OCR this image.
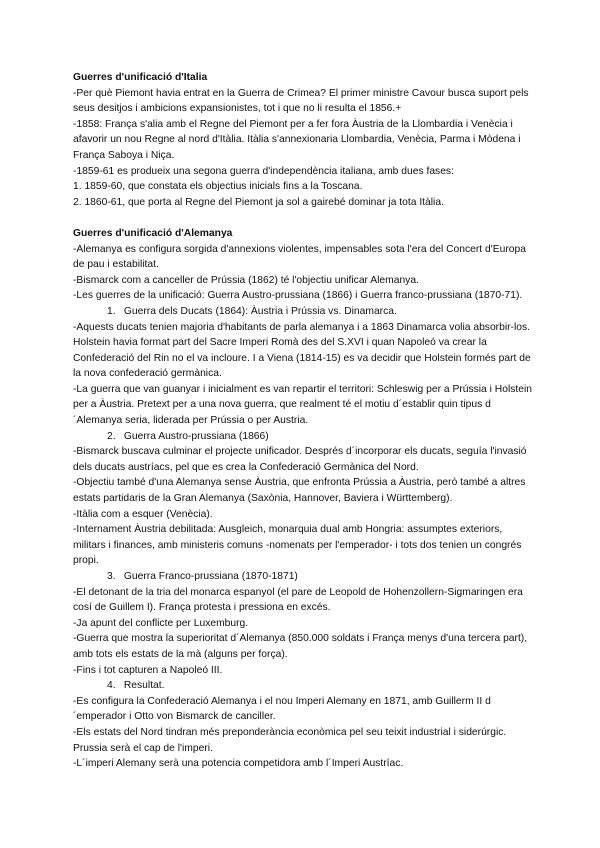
Guerres d'unificació d'Italia

-Per què Piemont havia entrat en la Guerra de Crimea? El primer ministre Cavour busca suport pels seus desitjos i ambicions expansionistes, tot i que no li resulta el 1856.+

-1858: França s'alia amb el Regne del Piemont per a fer fora Àustria de la Llombardia i Venècia i afavorir un nou Regne al nord d'Itàlia. Itàlia s'annexionaria Llombardia, Venècia, Parma i Mòdena i França Saboya i Niça.

-1859-61 es produeix una segona guerra d'independència italiana, amb dues fases:

1. 1859-60, que constata els objectius inicials fins a la Toscana.

2. 1860-61, que porta al Regne del Piemont ja sol a gairebé dominar ja tota Itàlia.

Guerres d'unificació d'Alemanya

-Alemanya es configura sorgida d'annexions violentes, impensables sota l'era del Concert d'Europa de pau i estabilitat.

-Bismarck com a canceller de Prússia (1862) té l'objectiu unificar Alemanya.

-Les guerres de la unificació: Guerra Austro-prussiana (1866) i Guerra franco-prussiana (1870-71).

1. Guerra dels Ducats (1864): Àustria i Prússia vs. Dinamarca.

-Aquests ducats tenien majoria d'habitants de parla alemanya i a 1863 Dinamarca volia absorbir-los. Holstein havia format part del Sacre Imperi Romà des del S.XVI i quan Napoleó va crear la Confederació del Rin no el va incloure. I a Viena (1814-15) es va decidir que Holstein formés part de la nova confederació germànica.

-La guerra que van guanyar i inicialment es van repartir el territori: Schleswig per a Prússia i Holstein per a Àustria. Pretext per a una nova guerra, que realment té el motiu d´establir quin tipus d´Alemanya seria, liderada per Prússia o per Austria.

2. Guerra Austro-prussiana (1866)

-Bismarck buscava culminar el projecte unificador. Després d´incorporar els ducats, seguía l'invasió dels ducats austríacs, pel que es crea la Confederació Germànica del Nord.

-Objectiu també d'una Alemanya sense Àustria, que enfronta Prússia a Àustria, però també a altres estats partidaris de la Gran Alemanya (Saxònia, Hannover, Baviera i Württemberg).

-Itàlia com a esquer (Venècia).

-Internament Àustria debilitada: Ausgleich, monarquia dual amb Hongria: assumptes exteriors, militars i finances, amb ministeris comuns -nomenats per l'emperador- i tots dos tenien un congrés propi.

3. Guerra Franco-prussiana (1870-1871)

-El detonant de la tria del monarca espanyol (el pare de Leopold de Hohenzollern-Sigmaringen era cosí de Guillem I). França protesta i pressiona en excés.

-Ja apunt del conflicte per Luxemburg.

-Guerra que mostra la superioritat d´Alemanya (850.000 soldats i França menys d'una tercera part), amb tots els estats de la mà (alguns per força).

-Fins i tot capturen a Napoleó III.

4. Resultat.

-Es configura la Confederació Alemanya i el nou Imperi Alemany en 1871, amb Guillerm II d´emperador i Otto von Bismarck de canciller.

-Els estats del Nord tindran més preponderància econòmica pel seu teixit industrial i siderúrgic. Prussia serà el cap de l'imperi.

-L´imperi Alemany serà una potencia competidora amb l´Imperi Austríac.
